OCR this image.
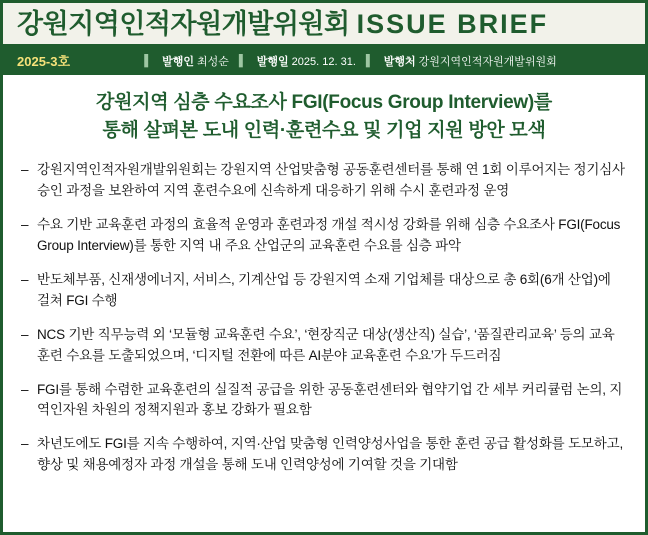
강원지역인적자원개발위원회 ISSUE BRIEF
2025-3호	▌ 발행인 최성순 ▌ 발행일 2025. 12. 31. ▌ 발행처 강원지역인적자원개발위원회
강원지역 심층 수요조사 FGI(Focus Group Interview)를
통해 살펴본 도내 인력·훈련수요 및 기업 지원 방안 모색
– 강원지역인적자원개발위원회는 강원지역 산업맞춤형 공동훈련센터를 통해 연 1회 이루어지는 정기심사 승인 과정을 보완하여 지역 훈련수요에 신속하게 대응하기 위해 수시 훈련과정 운영
– 수요 기반 교육훈련 과정의 효율적 운영과 훈련과정 개설 적시성 강화를 위해 심층 수요조사 FGI(Focus Group Interview)를 통한 지역 내 주요 산업군의 교육훈련 수요를 심층 파악
– 반도체부품, 신재생에너지, 서비스, 기계산업 등 강원지역 소재 기업체를 대상으로 총 6회(6개 산업)에 걸쳐 FGI 수행
– NCS 기반 직무능력 외 ‘모듈형 교육훈련 수요’, ‘현장직군 대상(생산직) 실습’, ‘품질관리교육’ 등의 교육훈련 수요를 도출되었으며, ‘디지털 전환에 따른 AI분야 교육훈련 수요’가 두드러짐
– FGI를 통해 수렴한 교육훈련의 실질적 공급을 위한 공동훈련센터와 협약기업 간 세부 커리큘럼 논의, 지역인자원 차원의 정책지원과 홍보 강화가 필요함
– 차년도에도 FGI를 지속 수행하여, 지역·산업 맞춤형 인력양성사업을 통한 훈련 공급 활성화를 도모하고, 향상 및 채용예정자 과정 개설을 통해 도내 인력양성에 기여할 것을 기대함
